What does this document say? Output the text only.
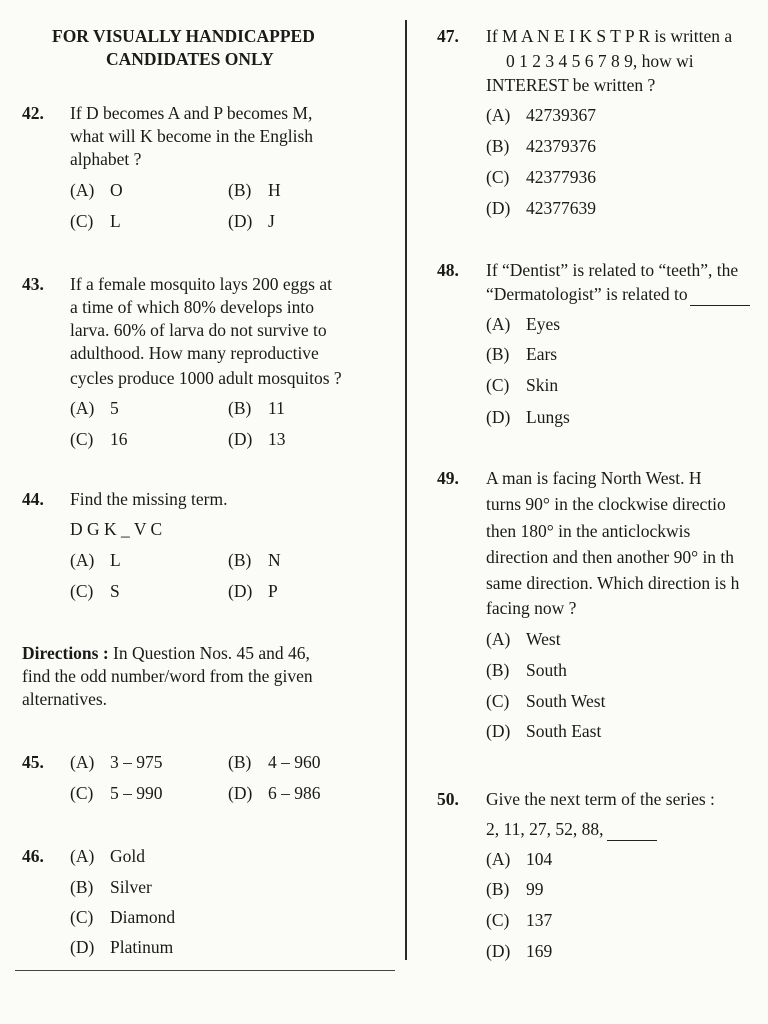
FOR VISUALLY HANDICAPPED
CANDIDATES ONLY
42. If D becomes A and P becomes M,
what will K become in the English
alphabet ?
(A) O	(B) H
(C) L	(D) J
43. If a female mosquito lays 200 eggs at
a time of which 80% develops into
larva. 60% of larva do not survive to
adulthood. How many reproductive
cycles produce 1000 adult mosquitos ?
(A) 5	(B) 11
(C) 16	(D) 13
44. Find the missing term.
D G K _ V C
(A) L	(B) N
(C) S	(D) P
Directions : In Question Nos. 45 and 46,
find the odd number/word from the given
alternatives.
45. (A) 3 – 975	(B) 4 – 960
(C) 5 – 990	(D) 6 – 986
46. (A) Gold
(B) Silver
(C) Diamond
(D) Platinum
47. If M A N E I K S T P R is written a
0 1 2 3 4 5 6 7 8 9, how wi
INTEREST be written ?
(A) 42739367
(B) 42379376
(C) 42377936
(D) 42377639
48. If “Dentist” is related to “teeth”, the
“Dermatologist” is related to
(A) Eyes
(B) Ears
(C) Skin
(D) Lungs
49. A man is facing North West. H
turns 90° in the clockwise directio
then 180° in the anticlockwis
direction and then another 90° in th
same direction. Which direction is h
facing now ?
(A) West
(B) South
(C) South West
(D) South East
50. Give the next term of the series :
2, 11, 27, 52, 88,
(A) 104
(B) 99
(C) 137
(D) 169
